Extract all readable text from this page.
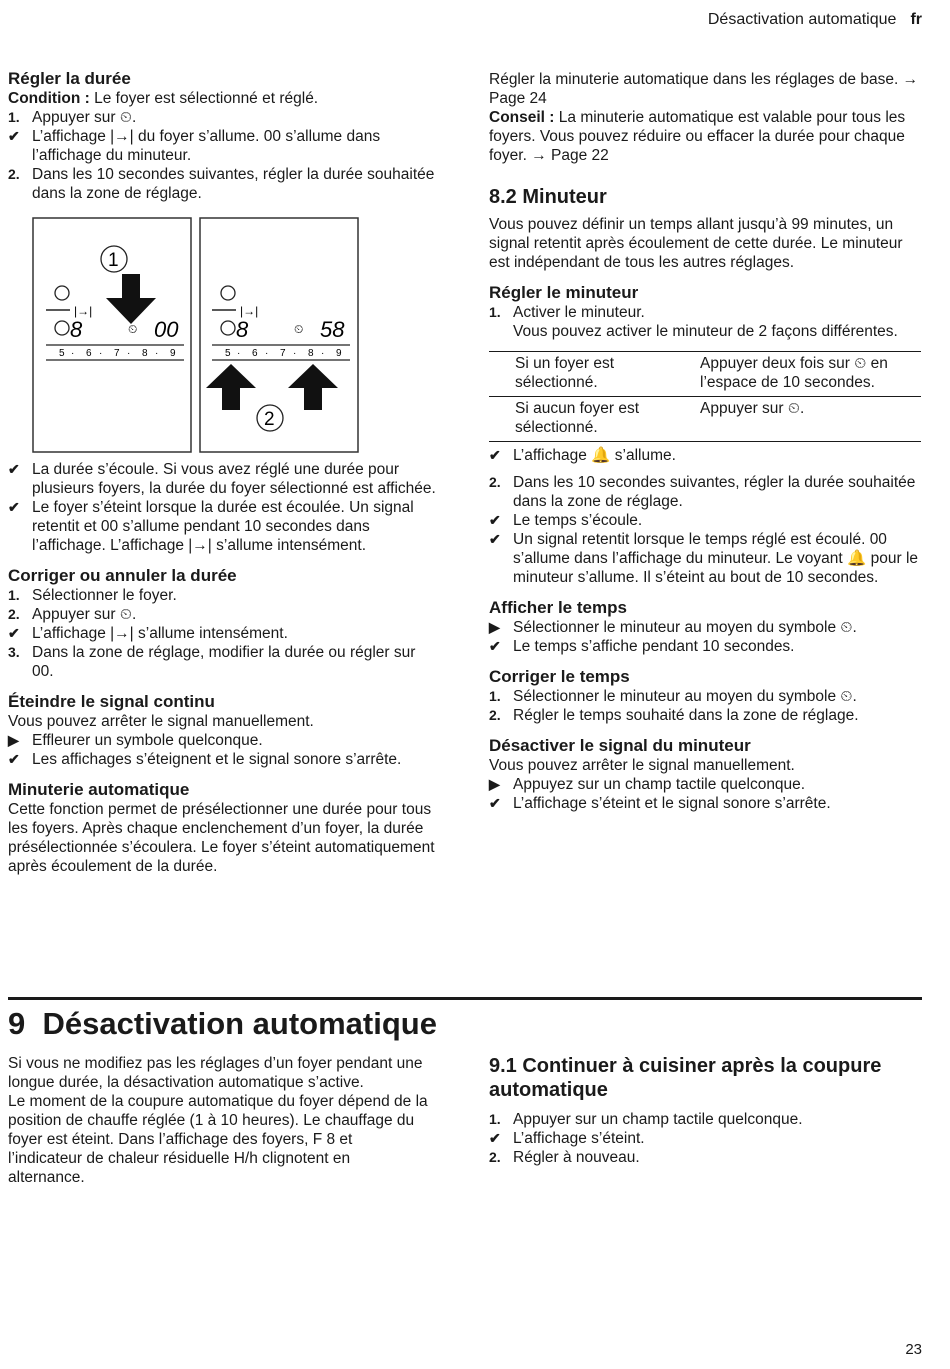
Désactivation automatique fr
Régler la durée

Condition : Le foyer est sélectionné et réglé.

1. Appuyer sur ⏲.
✔
L’affichage |→| du foyer s’allume. 00 s’allume dans l’affichage du minuteur.
2. Dans les 10 secondes suivantes, régler la durée souhaitée dans la zone de réglage.
|→|
8	⏲ 00
5 · 6 · 7 · 8 · 9
1
|→|
8	⏲ 58
5 · 6 · 7 · 8 · 9
2
✔
La durée s’écoule. Si vous avez réglé une durée pour plusieurs foyers, la durée du foyer sélectionné est affichée.
✔
Le foyer s’éteint lorsque la durée est écoulée. Un signal retentit et 00 s’allume pendant 10 secondes dans l’affichage. L’affichage |→| s’allume intensément.
Corriger ou annuler la durée
1. Sélectionner le foyer.
2. Appuyer sur ⏲.
✔
L’affichage |→| s’allume intensément.
3. Dans la zone de réglage, modifier la durée ou régler sur 00.
Éteindre le signal continu

Vous pouvez arrêter le signal manuellement.

▶ Effleurer un symbole quelconque.
✔
Les affichages s’éteignent et le signal sonore s’arrête.
Minuterie automatique

Cette fonction permet de présélectionner une durée pour tous les foyers. Après chaque enclenchement d’un foyer, la durée présélectionnée s’écoulera. Le foyer s’éteint automatiquement après écoulement de la durée.

Régler la minuterie automatique dans les réglages de base. → Page 24

Conseil : La minuterie automatique est valable pour tous les foyers. Vous pouvez réduire ou effacer la durée pour chaque foyer. → Page 22

8.2 Minuteur

Vous pouvez définir un temps allant jusqu’à 99 minutes, un signal retentit après écoulement de cette durée. Le minuteur est indépendant de tous les autres réglages.

Régler le minuteur
1. Activer le minuteur.
Vous pouvez activer le minuteur de 2 façons différentes.
Si un foyer est sélectionné.	Appuyer deux fois sur ⏲ en l’espace de 10 secondes.
Si aucun foyer est sélectionné.	Appuyer sur ⏲.
✔
L’affichage 🔔 s’allume.
2. Dans les 10 secondes suivantes, régler la durée souhaitée dans la zone de réglage.
✔
Le temps s’écoule.
✔
Un signal retentit lorsque le temps réglé est écoulé. 00 s’allume dans l’affichage du minuteur. Le voyant 🔔 pour le minuteur s’allume. Il s’éteint au bout de 10 secondes.
Afficher le temps
▶ Sélectionner le minuteur au moyen du symbole ⏲.
✔
Le temps s’affiche pendant 10 secondes.
Corriger le temps
1. Sélectionner le minuteur au moyen du symbole ⏲.
2. Régler le temps souhaité dans la zone de réglage.
Désactiver le signal du minuteur

Vous pouvez arrêter le signal manuellement.

▶ Appuyez sur un champ tactile quelconque.
✔
L’affichage s’éteint et le signal sonore s’arrête.
9 Désactivation automatique

Si vous ne modifiez pas les réglages d’un foyer pendant une longue durée, la désactivation automatique s’active.

Le moment de la coupure automatique du foyer dépend de la position de chauffe réglée (1 à 10 heures). Le chauffage du foyer est éteint. Dans l’affichage des foyers, F 8 et l’indicateur de chaleur résiduelle H/h clignotent en alternance.

9.1 Continuer à cuisiner après la coupure automatique
1. Appuyer sur un champ tactile quelconque.
✔
L’affichage s’éteint.
2. Régler à nouveau.
23
